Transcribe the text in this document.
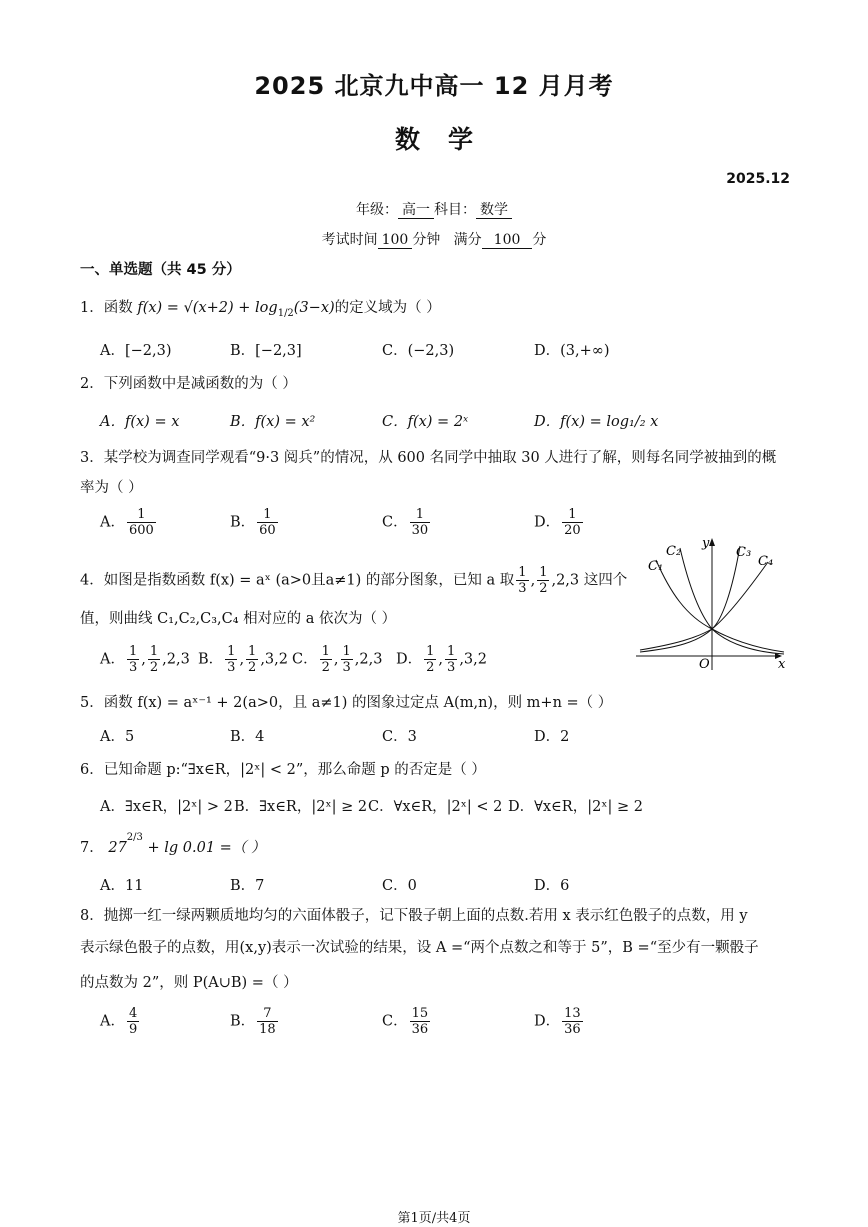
2025 北京九中高一 12 月月考
数学
2025.12
年级： 高一 科目： 数学
考试时间 100 分钟 满分 100 分
一、单选题（共 45 分）
1．函数 $f(x) = √(x+2) + \log_{1/2}(3-x)$的定义域为（ ）
A．[−2,3)	B．[−2,3]	C．(−2,3)	D．(3,+∞)
2．下列函数中是减函数的为（ ）
A．f(x) = x	B．f(x) = x²	C．f(x) = 2ˣ	D．f(x) = log₁/₂ x
3．某学校为调查同学观看“9·3 阅兵”的情况，从 600 名同学中抽取 30 人进行了解，则每名同学被抽到的概
率为（ ）
A． $\frac{1}{600}$	B． $\frac{1}{60}$	C． $\frac{1}{30}$	D． $\frac{1}{20}$
4．如图是指数函数 f(x) = aˣ (a>0且a≠1) 的部分图象，已知 a 取 $\frac{1}{3}$ , $\frac{1}{2} ,2,3$ 这四个
值，则曲线 C₁,C₂,C₃,C₄ 相对应的 a 依次为（ ）
A． $\frac{1}{3}$ , $\frac{1}{2} ,2,3$ B． $\frac{1}{3}$ , $\frac{1}{2} ,3,2$ C． $\frac{1}{2}$ , $\frac{1}{3} ,2,3$ D． $\frac{1}{2}$ , $\frac{1}{3} ,3,2$
C₁
C₂	C₃
C₄
y
x
O
5．函数 f(x) = aˣ⁻¹ + 2(a>0，且 a≠1) 的图象过定点 A(m,n)，则 m+n =（ ）
A．5	B．4	C．3	D．2
6．已知命题 p:“∃x∈R，|2ˣ| < 2”，那么命题 p 的否定是（ ）
A．∃x∈R，|2ˣ| > 2 B．∃x∈R，|2ˣ| ≥ 2 C．∀x∈R，|2ˣ| < 2 D．∀x∈R，|2ˣ| ≥ 2
7． $27^{2/3} + \lg 0.01$ =（ ）
A．11	B．7	C．0	D．6
8．抛掷一红一绿两颗质地均匀的六面体骰子，记下骰子朝上面的点数.若用 x 表示红色骰子的点数，用 y
表示绿色骰子的点数，用(x,y)表示一次试验的结果，设 A =“两个点数之和等于 5”，B =“至少有一颗骰子
的点数为 2”，则 P(A∪B) =（ ）
A． $\frac{4}{9}$	B． $\frac{7}{18}$	C． $\frac{15}{36}$	D． $\frac{13}{36}$
第1页/共4页
